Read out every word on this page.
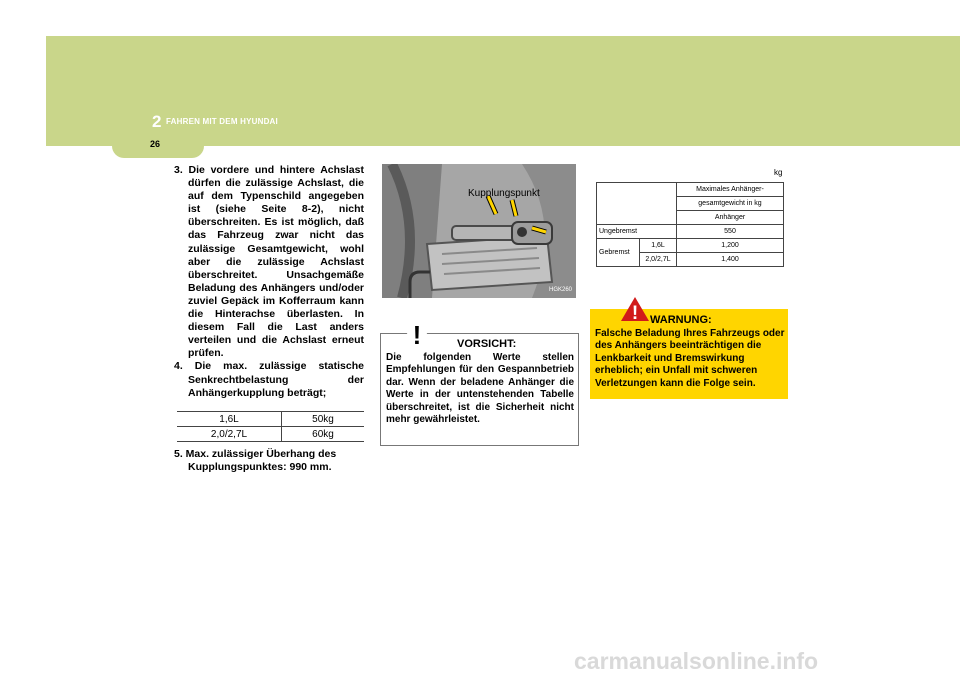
2 FAHREN MIT DEM HYUNDAI
26
3. Die vordere und hintere Achslast dürfen die zulässige Achslast, die auf dem Typenschild angegeben ist (siehe Seite 8-2), nicht überschreiten. Es ist möglich, daß das Fahrzeug zwar nicht das zulässige Gesamtgewicht, wohl aber die zulässige Achslast überschreitet. Unsachgemäße Beladung des Anhängers und/oder zuviel Gepäck im Kofferraum kann die Hinterachse überlasten. In diesem Fall die Last anders verteilen und die Achslast erneut prüfen.
4. Die max. zulässige statische Senkrechtbelastung der Anhängerkupplung beträgt;
1,6L	50kg
2,0/2,7L	60kg
5. Max. zulässiger Überhang des Kupplungspunktes: 990 mm.
Kupplungspunkt
HGK260
!	VORSICHT:
Die folgenden Werte stellen Empfehlungen für den Gespannbetrieb dar. Wenn der beladene Anhänger die Werte in der untenstehenden Tabelle überschreitet, ist die Sicherheit nicht mehr gewährleistet.
kg
		Maximales Anhänger-
		gesamtgewicht in kg
		Anhänger
Ungebremst		550
Gebremst	1,6L	1,200
	2,0/2,7L	1,400
! WARNUNG:
Falsche Beladung Ihres Fahrzeugs oder des Anhängers beeinträchtigen die Lenkbarkeit und Bremswirkung erheblich; ein Unfall mit schweren Verletzungen kann die Folge sein.
carmanualsonline.info
